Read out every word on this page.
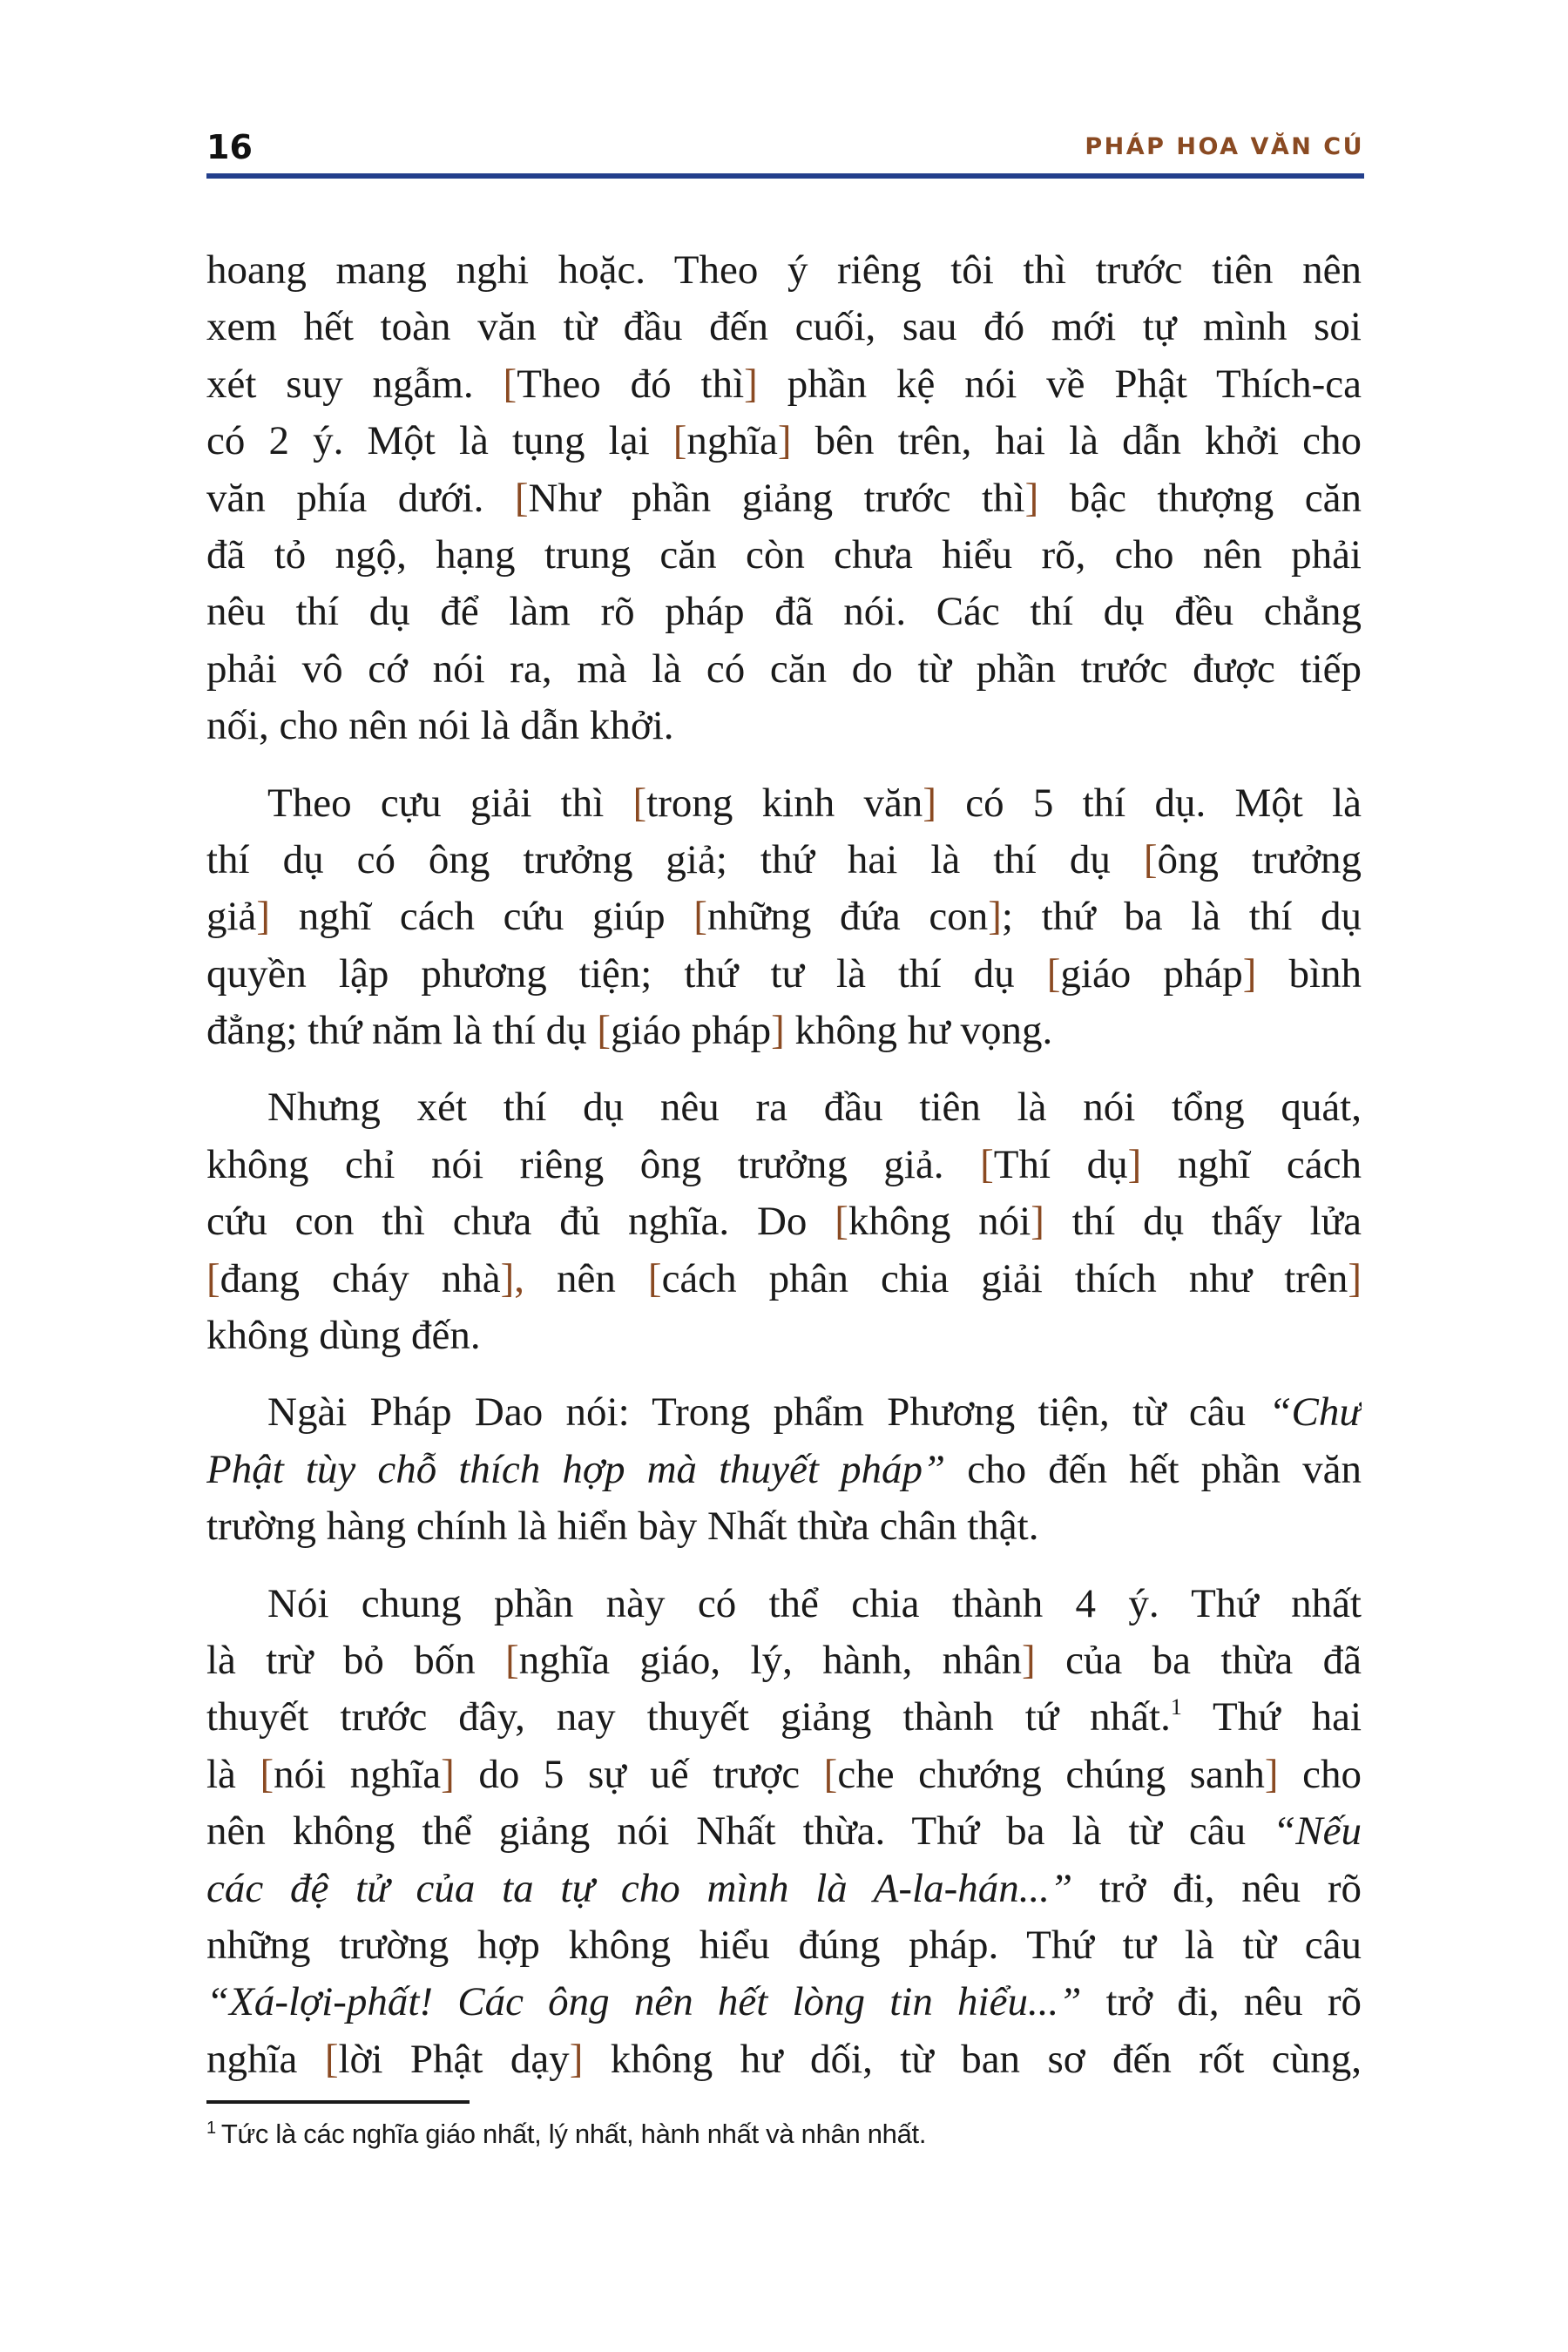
16	PHÁP HOA VĂN CÚ
hoang mang nghi hoặc. Theo ý riêng tôi thì trước tiên nên
xem hết toàn văn từ đầu đến cuối, sau đó mới tự mình soi
xét suy ngẫm. [Theo đó thì] phần kệ nói về Phật Thích-ca
có 2 ý. Một là tụng lại [nghĩa] bên trên, hai là dẫn khởi cho
văn phía dưới. [Như phần giảng trước thì] bậc thượng căn
đã tỏ ngộ, hạng trung căn còn chưa hiểu rõ, cho nên phải
nêu thí dụ để làm rõ pháp đã nói. Các thí dụ đều chẳng
phải vô cớ nói ra, mà là có căn do từ phần trước được tiếp
nối, cho nên nói là dẫn khởi.
Theo cựu giải thì [trong kinh văn] có 5 thí dụ. Một là
thí dụ có ông trưởng giả; thứ hai là thí dụ [ông trưởng
giả] nghĩ cách cứu giúp [những đứa con]; thứ ba là thí dụ
quyền lập phương tiện; thứ tư là thí dụ [giáo pháp] bình
đẳng; thứ năm là thí dụ [giáo pháp] không hư vọng.
Nhưng xét thí dụ nêu ra đầu tiên là nói tổng quát,
không chỉ nói riêng ông trưởng giả. [Thí dụ] nghĩ cách
cứu con thì chưa đủ nghĩa. Do [không nói] thí dụ thấy lửa
[đang cháy nhà], nên [cách phân chia giải thích như trên]
không dùng đến.
Ngài Pháp Dao nói: Trong phẩm Phương tiện, từ câu “Chư
Phật tùy chỗ thích hợp mà thuyết pháp” cho đến hết phần văn
trường hàng chính là hiển bày Nhất thừa chân thật.
Nói chung phần này có thể chia thành 4 ý. Thứ nhất
là trừ bỏ bốn [nghĩa giáo, lý, hành, nhân] của ba thừa đã
thuyết trước đây, nay thuyết giảng thành tứ nhất.$^1$ Thứ hai
là [nói nghĩa] do 5 sự uế trược [che chướng chúng sanh] cho
nên không thể giảng nói Nhất thừa. Thứ ba là từ câu “Nếu
các đệ tử của ta tự cho mình là A-la-hán...” trở đi, nêu rõ
những trường hợp không hiểu đúng pháp. Thứ tư là từ câu
“Xá-lợi-phất! Các ông nên hết lòng tin hiểu...” trở đi, nêu rõ
nghĩa [lời Phật dạy] không hư dối, từ ban sơ đến rốt cùng,
$^1$ Tức là các nghĩa giáo nhất, lý nhất, hành nhất và nhân nhất.
